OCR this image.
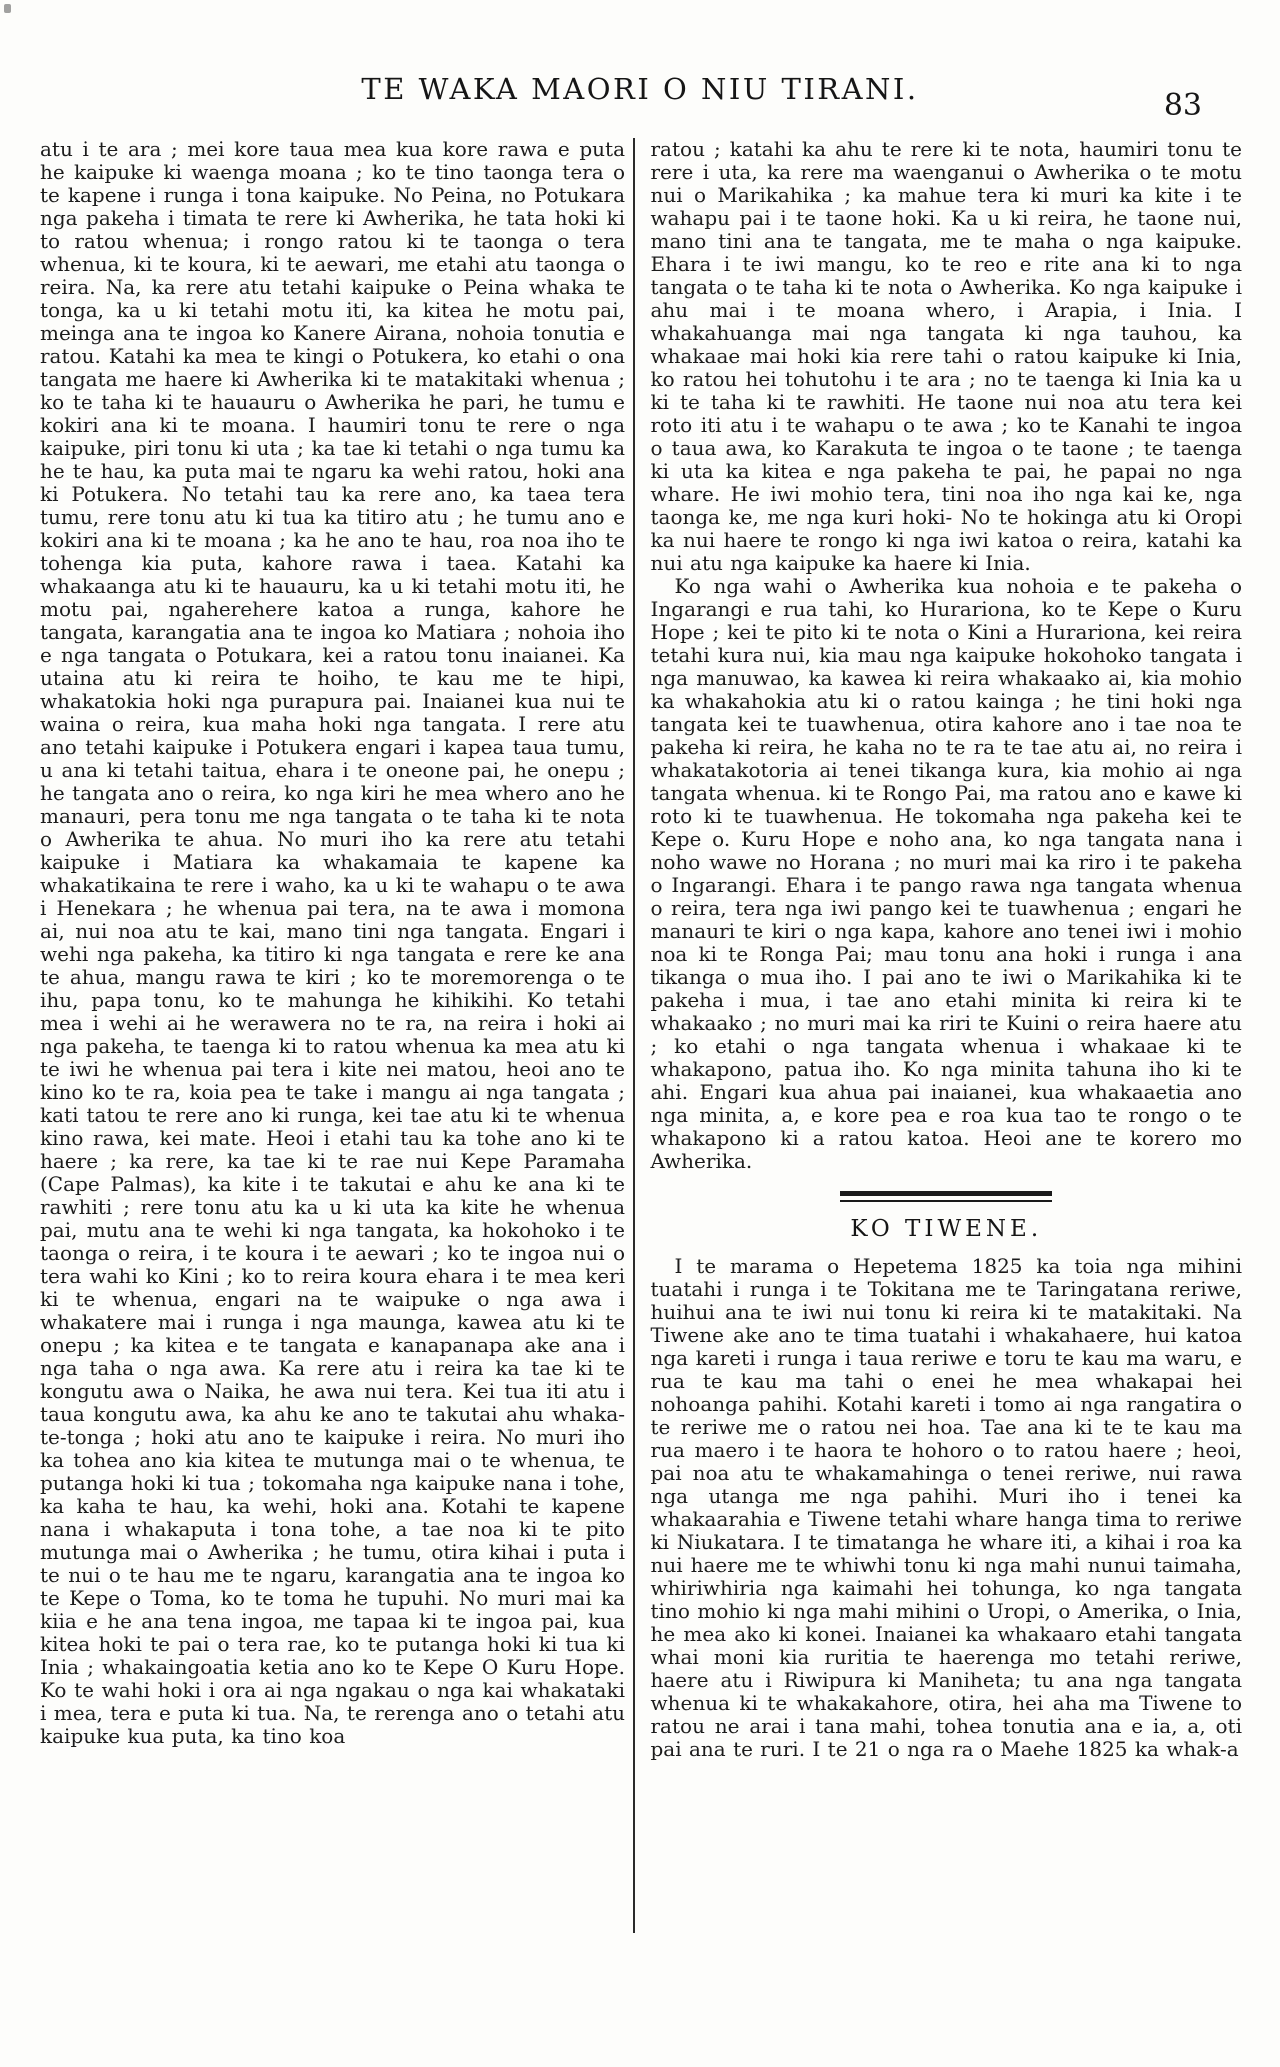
TE WAKA MAORI O NIU TIRANI.	83

atu i te ara ; mei kore taua mea kua kore rawa e puta he kaipuke ki waenga moana ; ko te tino taonga tera o te kapene i runga i tona kaipuke. No Peina, no Potukara nga pakeha i timata te rere ki Awherika, he tata hoki ki to ratou whenua; i rongo ratou ki te taonga o tera whenua, ki te koura, ki te aewari, me etahi atu taonga o reira. Na, ka rere atu tetahi kaipuke o Peina whaka te tonga, ka u ki tetahi motu iti, ka kitea he motu pai, meinga ana te ingoa ko Kanere Airana, nohoia tonutia e ratou. Katahi ka mea te kingi o Potukera, ko etahi o ona tangata me haere ki Awherika ki te matakitaki whenua ; ko te taha ki te hauauru o Awherika he pari, he tumu e kokiri ana ki te moana. I haumiri tonu te rere o nga kaipuke, piri tonu ki uta ; ka tae ki tetahi o nga tumu ka he te hau, ka puta mai te ngaru ka wehi ratou, hoki ana ki Potukera. No tetahi tau ka rere ano, ka taea tera tumu, rere tonu atu ki tua ka titiro atu ; he tumu ano e kokiri ana ki te moana ; ka he ano te hau, roa noa iho te tohenga kia puta, kahore rawa i taea. Katahi ka whakaanga atu ki te hauauru, ka u ki tetahi motu iti, he motu pai, ngaherehere katoa a runga, kahore he tangata, karangatia ana te ingoa ko Matiara ; nohoia iho e nga tangata o Potukara, kei a ratou tonu inaianei. Ka utaina atu ki reira te hoiho, te kau me te hipi, whakatokia hoki nga purapura pai. Inaianei kua nui te waina o reira, kua maha hoki nga tangata. I rere atu ano tetahi kaipuke i Potukera engari i kapea taua tumu, u ana ki tetahi taitua, ehara i te oneone pai, he onepu ; he tangata ano o reira, ko nga kiri he mea whero ano he manauri, pera tonu me nga tangata o te taha ki te nota o Awherika te ahua. No muri iho ka rere atu tetahi kaipuke i Matiara ka whakamaia te kapene ka whakatikaina te rere i waho, ka u ki te wahapu o te awa i Henekara ; he whenua pai tera, na te awa i momona ai, nui noa atu te kai, mano tini nga tangata. Engari i wehi nga pakeha, ka titiro ki nga tangata e rere ke ana te ahua, mangu rawa te kiri ; ko te moremorenga o te ihu, papa tonu, ko te mahunga he kihikihi. Ko tetahi mea i wehi ai he werawera no te ra, na reira i hoki ai nga pakeha, te taenga ki to ratou whenua ka mea atu ki te iwi he whenua pai tera i kite nei matou, heoi ano te kino ko te ra, koia pea te take i mangu ai nga tangata ; kati tatou te rere ano ki runga, kei tae atu ki te whenua kino rawa, kei mate. Heoi i etahi tau ka tohe ano ki te haere ; ka rere, ka tae ki te rae nui Kepe Paramaha (Cape Palmas), ka kite i te takutai e ahu ke ana ki te rawhiti ; rere tonu atu ka u ki uta ka kite he whenua pai, mutu ana te wehi ki nga tangata, ka hokohoko i te taonga o reira, i te koura i te aewari ; ko te ingoa nui o tera wahi ko Kini ; ko to reira koura ehara i te mea keri ki te whenua, engari na te waipuke o nga awa i whakatere mai i runga i nga maunga, kawea atu ki te onepu ; ka kitea e te tangata e kanapanapa ake ana i nga taha o nga awa. Ka rere atu i reira ka tae ki te kongutu awa o Naika, he awa nui tera. Kei tua iti atu i taua kongutu awa, ka ahu ke ano te takutai ahu whaka-te-tonga ; hoki atu ano te kaipuke i reira. No muri iho ka tohea ano kia kitea te mutunga mai o te whenua, te putanga hoki ki tua ; tokomaha nga kaipuke nana i tohe, ka kaha te hau, ka wehi, hoki ana. Kotahi te kapene nana i whakaputa i tona tohe, a tae noa ki te pito mutunga mai o Awherika ; he tumu, otira kihai i puta i te nui o te hau me te ngaru, karangatia ana te ingoa ko te Kepe o Toma, ko te toma he tupuhi. No muri mai ka kiia e he ana tena ingoa, me tapaa ki te ingoa pai, kua kitea hoki te pai o tera rae, ko te putanga hoki ki tua ki Inia ; whakaingoatia ketia ano ko te Kepe O Kuru Hope. Ko te wahi hoki i ora ai nga ngakau o nga kai whakataki i mea, tera e puta ki tua. Na, te rerenga ano o tetahi atu kaipuke kua puta, ka tino koa

ratou ; katahi ka ahu te rere ki te nota, haumiri tonu te rere i uta, ka rere ma waenganui o Awherika o te motu nui o Marikahika ; ka mahue tera ki muri ka kite i te wahapu pai i te taone hoki. Ka u ki reira, he taone nui, mano tini ana te tangata, me te maha o nga kaipuke. Ehara i te iwi mangu, ko te reo e rite ana ki to nga tangata o te taha ki te nota o Awherika. Ko nga kaipuke i ahu mai i te moana whero, i Arapia, i Inia. I whakahuanga mai nga tangata ki nga tauhou, ka whakaae mai hoki kia rere tahi o ratou kaipuke ki Inia, ko ratou hei tohutohu i te ara ; no te taenga ki Inia ka u ki te taha ki te rawhiti. He taone nui noa atu tera kei roto iti atu i te wahapu o te awa ; ko te Kanahi te ingoa o taua awa, ko Karakuta te ingoa o te taone ; te taenga ki uta ka kitea e nga pakeha te pai, he papai no nga whare. He iwi mohio tera, tini noa iho nga kai ke, nga taonga ke, me nga kuri hoki- No te hokinga atu ki Oropi ka nui haere te rongo ki nga iwi katoa o reira, katahi ka nui atu nga kaipuke ka haere ki Inia.

Ko nga wahi o Awherika kua nohoia e te pakeha o Ingarangi e rua tahi, ko Hurariona, ko te Kepe o Kuru Hope ; kei te pito ki te nota o Kini a Hurariona, kei reira tetahi kura nui, kia mau nga kaipuke hokohoko tangata i nga manuwao, ka kawea ki reira whakaako ai, kia mohio ka whakahokia atu ki o ratou kainga ; he tini hoki nga tangata kei te tuawhenua, otira kahore ano i tae noa te pakeha ki reira, he kaha no te ra te tae atu ai, no reira i whakatakotoria ai tenei tikanga kura, kia mohio ai nga tangata whenua. ki te Rongo Pai, ma ratou ano e kawe ki roto ki te tuawhenua. He tokomaha nga pakeha kei te Kepe o. Kuru Hope e noho ana, ko nga tangata nana i noho wawe no Horana ; no muri mai ka riro i te pakeha o Ingarangi. Ehara i te pango rawa nga tangata whenua o reira, tera nga iwi pango kei te tuawhenua ; engari he manauri te kiri o nga kapa, kahore ano tenei iwi i mohio noa ki te Ronga Pai; mau tonu ana hoki i runga i ana tikanga o mua iho. I pai ano te iwi o Marikahika ki te pakeha i mua, i tae ano etahi minita ki reira ki te whakaako ; no muri mai ka riri te Kuini o reira haere atu ; ko etahi o nga tangata whenua i whakaae ki te whakapono, patua iho. Ko nga minita tahuna iho ki te ahi. Engari kua ahua pai inaianei, kua whakaaetia ano nga minita, a, e kore pea e roa kua tao te rongo o te whakapono ki a ratou katoa. Heoi ane te korero mo Awherika.

KO TIWENE.

I te marama o Hepetema 1825 ka toia nga mihini tuatahi i runga i te Tokitana me te Taringatana reriwe, huihui ana te iwi nui tonu ki reira ki te matakitaki. Na Tiwene ake ano te tima tuatahi i whakahaere, hui katoa nga kareti i runga i taua reriwe e toru te kau ma waru, e rua te kau ma tahi o enei he mea whakapai hei nohoanga pahihi. Kotahi kareti i tomo ai nga rangatira o te reriwe me o ratou nei hoa. Tae ana ki te te kau ma rua maero i te haora te hohoro o to ratou haere ; heoi, pai noa atu te whakamahinga o tenei reriwe, nui rawa nga utanga me nga pahihi. Muri iho i tenei ka whakaarahia e Tiwene tetahi whare hanga tima to reriwe ki Niukatara. I te timatanga he whare iti, a kihai i roa ka nui haere me te whiwhi tonu ki nga mahi nunui taimaha, whiriwhiria nga kaimahi hei tohunga, ko nga tangata tino mohio ki nga mahi mihini o Uropi, o Amerika, o Inia, he mea ako ki konei. Inaianei ka whakaaro etahi tangata whai moni kia ruritia te haerenga mo tetahi reriwe, haere atu i Riwipura ki Maniheta; tu ana nga tangata whenua ki te whakakahore, otira, hei aha ma Tiwene to ratou ne arai i tana mahi, tohea tonutia ana e ia, a, oti pai ana te ruri. I te 21 o nga ra o Maehe 1825 ka whak-a
